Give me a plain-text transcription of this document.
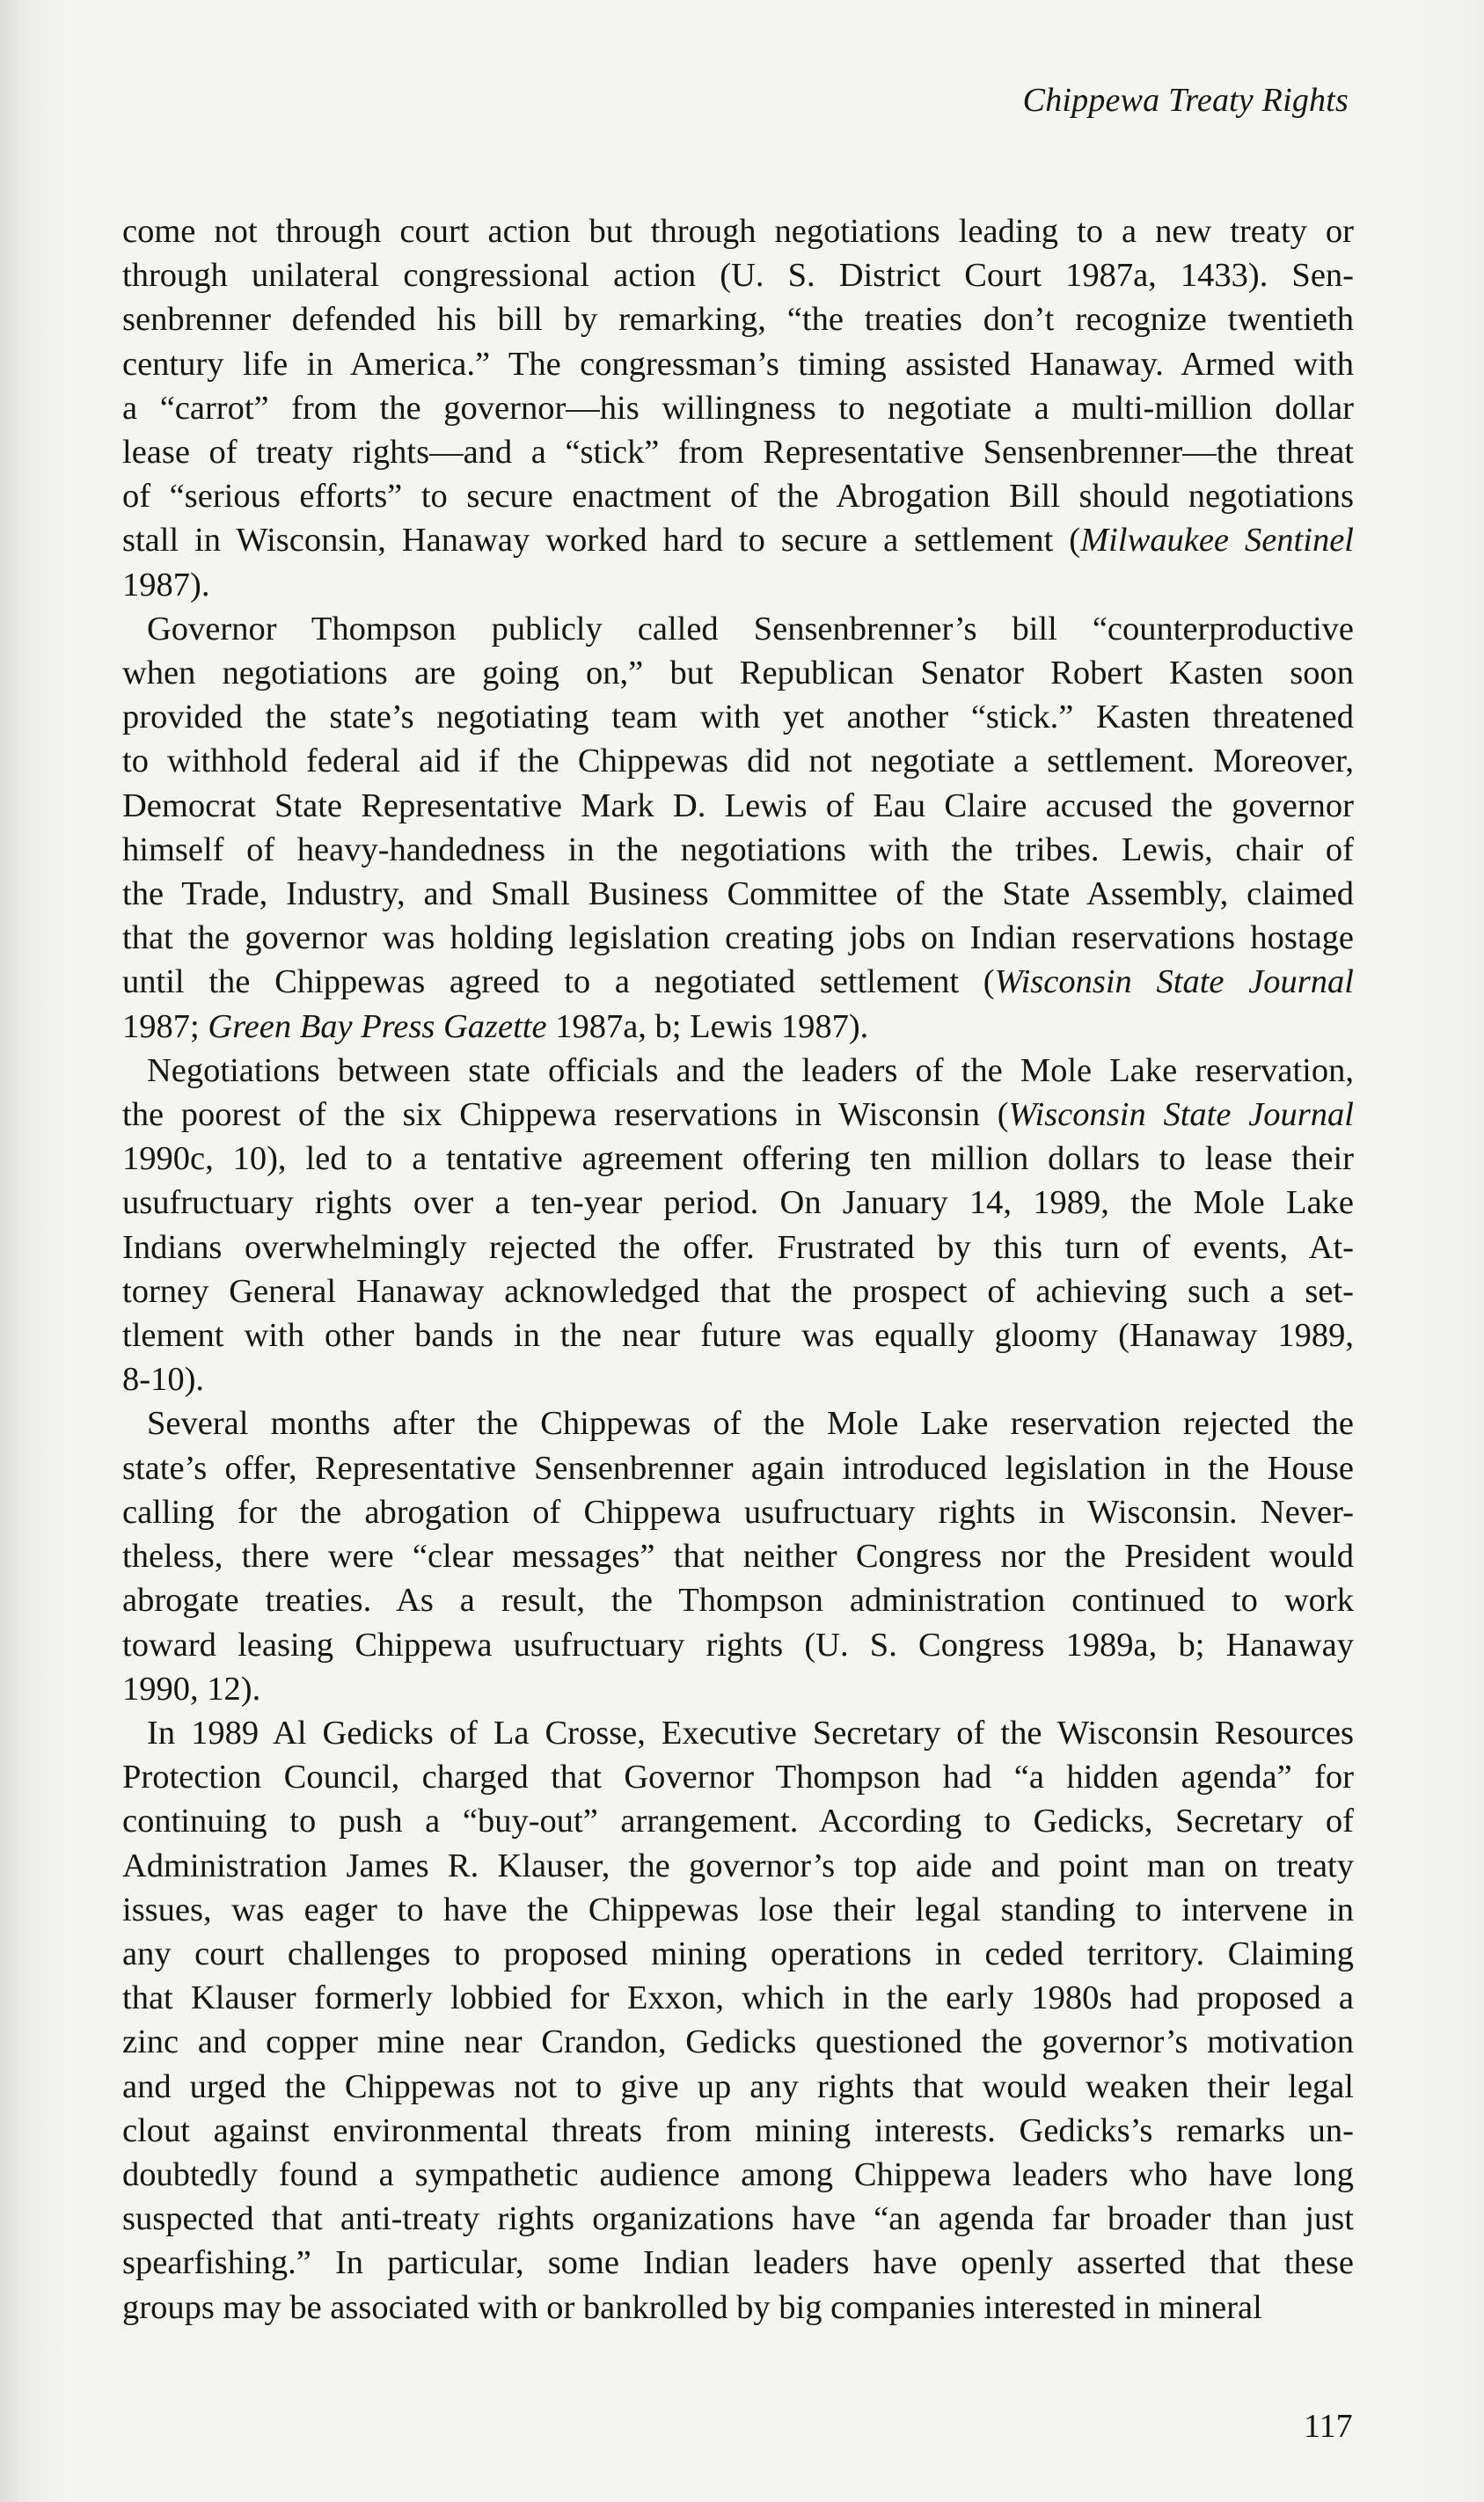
Chippewa Treaty Rights

come not through court action but through negotiations leading to a new treaty or
through unilateral congressional action (U. S. District Court 1987a, 1433). Sen-
senbrenner defended his bill by remarking, “the treaties don’t recognize twentieth
century life in America.” The congressman’s timing assisted Hanaway. Armed with
a “carrot” from the governor—his willingness to negotiate a multi-million dollar
lease of treaty rights—and a “stick” from Representative Sensenbrenner—the threat
of “serious efforts” to secure enactment of the Abrogation Bill should negotiations
stall in Wisconsin, Hanaway worked hard to secure a settlement (Milwaukee Sentinel
1987).

Governor Thompson publicly called Sensenbrenner’s bill “counterproductive
when negotiations are going on,” but Republican Senator Robert Kasten soon
provided the state’s negotiating team with yet another “stick.” Kasten threatened
to withhold federal aid if the Chippewas did not negotiate a settlement. Moreover,
Democrat State Representative Mark D. Lewis of Eau Claire accused the governor
himself of heavy-handedness in the negotiations with the tribes. Lewis, chair of
the Trade, Industry, and Small Business Committee of the State Assembly, claimed
that the governor was holding legislation creating jobs on Indian reservations hostage
until the Chippewas agreed to a negotiated settlement (Wisconsin State Journal
1987; Green Bay Press Gazette 1987a, b; Lewis 1987).

Negotiations between state officials and the leaders of the Mole Lake reservation,
the poorest of the six Chippewa reservations in Wisconsin (Wisconsin State Journal
1990c, 10), led to a tentative agreement offering ten million dollars to lease their
usufructuary rights over a ten-year period. On January 14, 1989, the Mole Lake
Indians overwhelmingly rejected the offer. Frustrated by this turn of events, At-
torney General Hanaway acknowledged that the prospect of achieving such a set-
tlement with other bands in the near future was equally gloomy (Hanaway 1989,
8-10).

Several months after the Chippewas of the Mole Lake reservation rejected the
state’s offer, Representative Sensenbrenner again introduced legislation in the House
calling for the abrogation of Chippewa usufructuary rights in Wisconsin. Never-
theless, there were “clear messages” that neither Congress nor the President would
abrogate treaties. As a result, the Thompson administration continued to work
toward leasing Chippewa usufructuary rights (U. S. Congress 1989a, b; Hanaway
1990, 12).

In 1989 Al Gedicks of La Crosse, Executive Secretary of the Wisconsin Resources
Protection Council, charged that Governor Thompson had “a hidden agenda” for
continuing to push a “buy-out” arrangement. According to Gedicks, Secretary of
Administration James R. Klauser, the governor’s top aide and point man on treaty
issues, was eager to have the Chippewas lose their legal standing to intervene in
any court challenges to proposed mining operations in ceded territory. Claiming
that Klauser formerly lobbied for Exxon, which in the early 1980s had proposed a
zinc and copper mine near Crandon, Gedicks questioned the governor’s motivation
and urged the Chippewas not to give up any rights that would weaken their legal
clout against environmental threats from mining interests. Gedicks’s remarks un-
doubtedly found a sympathetic audience among Chippewa leaders who have long
suspected that anti-treaty rights organizations have “an agenda far broader than just
spearfishing.” In particular, some Indian leaders have openly asserted that these
groups may be associated with or bankrolled by big companies interested in mineral

117
